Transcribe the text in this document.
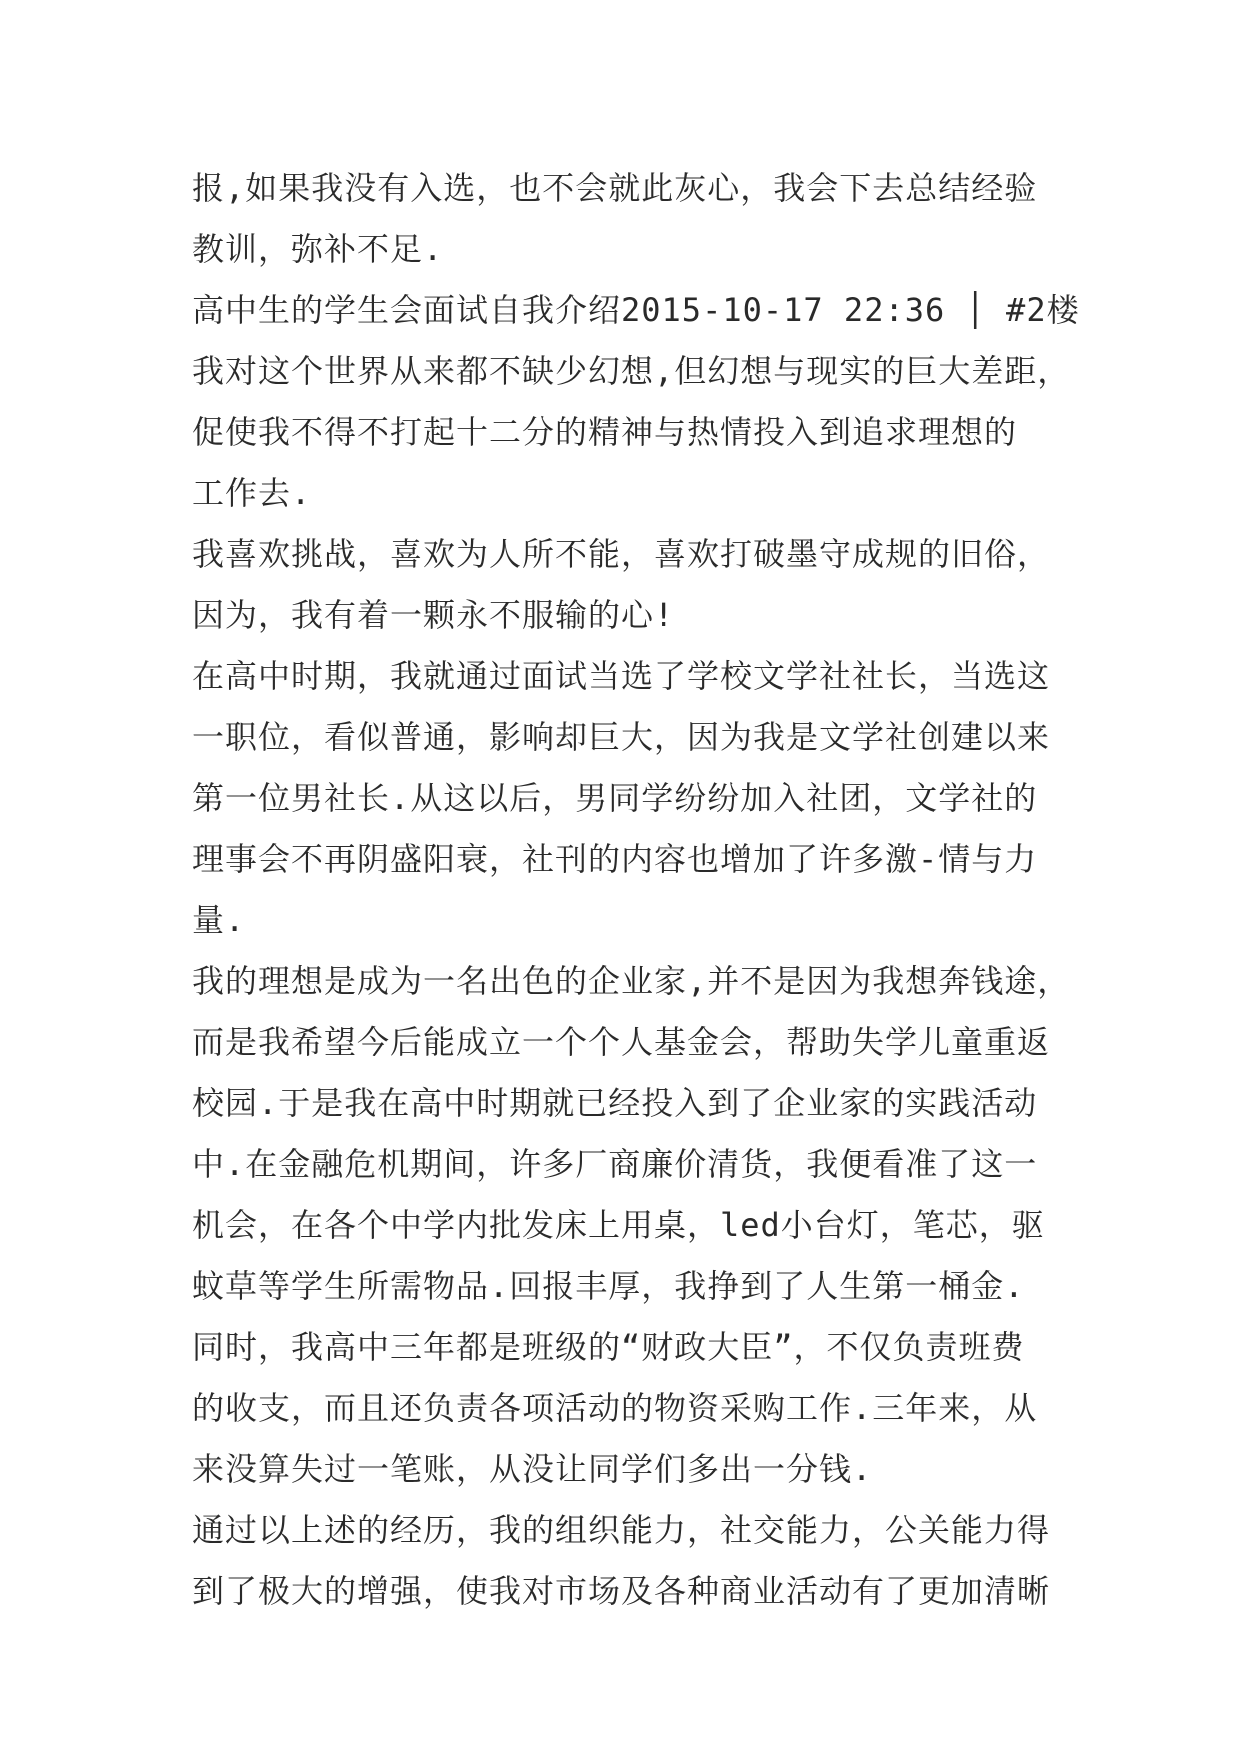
报,如果我没有入选，也不会就此灰心，我会下去总结经验
教训，弥补不足.
高中生的学生会面试自我介绍2015-10-17 22:36 │ #2楼
我对这个世界从来都不缺少幻想,但幻想与现实的巨大差距，
促使我不得不打起十二分的精神与热情投入到追求理想的
工作去.
我喜欢挑战，喜欢为人所不能，喜欢打破墨守成规的旧俗，
因为，我有着一颗永不服输的心!
在高中时期，我就通过面试当选了学校文学社社长，当选这
一职位，看似普通，影响却巨大，因为我是文学社创建以来
第一位男社长.从这以后，男同学纷纷加入社团，文学社的
理事会不再阴盛阳衰，社刊的内容也增加了许多激-情与力
量.
我的理想是成为一名出色的企业家,并不是因为我想奔钱途，
而是我希望今后能成立一个个人基金会，帮助失学儿童重返
校园.于是我在高中时期就已经投入到了企业家的实践活动
中.在金融危机期间，许多厂商廉价清货，我便看准了这一
机会，在各个中学内批发床上用桌，led小台灯，笔芯，驱
蚊草等学生所需物品.回报丰厚，我挣到了人生第一桶金.
同时，我高中三年都是班级的“财政大臣”，不仅负责班费
的收支，而且还负责各项活动的物资采购工作.三年来，从
来没算失过一笔账，从没让同学们多出一分钱.
通过以上述的经历，我的组织能力，社交能力，公关能力得
到了极大的增强，使我对市场及各种商业活动有了更加清晰
